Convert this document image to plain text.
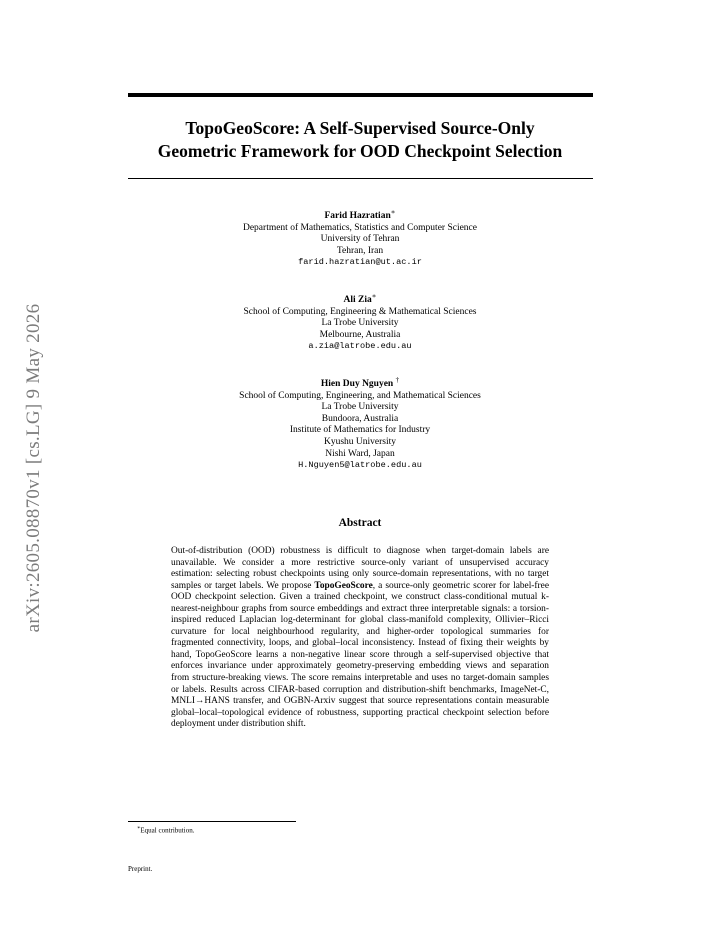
arXiv:2605.08870v1 [cs.LG] 9 May 2026
TopoGeoScore: A Self-Supervised Source-Only
Geometric Framework for OOD Checkpoint Selection
Farid Hazratian∗
Department of Mathematics, Statistics and Computer Science
University of Tehran
Tehran, Iran
farid.hazratian@ut.ac.ir
Ali Zia∗
School of Computing, Engineering & Mathematical Sciences
La Trobe University
Melbourne, Australia
a.zia@latrobe.edu.au
Hien Duy Nguyen †
School of Computing, Engineering, and Mathematical Sciences
La Trobe University
Bundoora, Australia
Institute of Mathematics for Industry
Kyushu University
Nishi Ward, Japan
H.Nguyen5@latrobe.edu.au
Abstract
Out-of-distribution (OOD) robustness is difficult to diagnose when target-domain labels are unavailable. We consider a more restrictive source-only variant of unsupervised accuracy estimation: selecting robust checkpoints using only source-domain representations, with no target samples or target labels. We propose TopoGeoScore, a source-only geometric scorer for label-free OOD checkpoint selection. Given a trained checkpoint, we construct class-conditional mutual k-nearest-neighbour graphs from source embeddings and extract three interpretable signals: a torsion-inspired reduced Laplacian log-determinant for global class-manifold complexity, Ollivier–Ricci curvature for local neighbourhood regularity, and higher-order topological summaries for fragmented connectivity, loops, and global–local inconsistency. Instead of fixing their weights by hand, TopoGeoScore learns a non-negative linear score through a self-supervised objective that enforces invariance under approximately geometry-preserving embedding views and separation from structure-breaking views. The score remains interpretable and uses no target-domain samples or labels. Results across CIFAR-based corruption and distribution-shift benchmarks, ImageNet-C, MNLI→HANS transfer, and OGBN-Arxiv suggest that source representations contain measurable global–local–topological evidence of robustness, supporting practical checkpoint selection before deployment under distribution shift.
∗Equal contribution.
Preprint.
